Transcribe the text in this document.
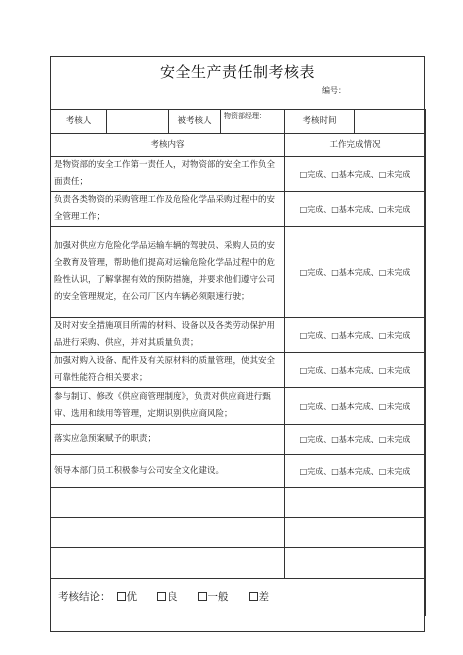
安全生产责任制考核表
编号：
考核人		被考核人	物资部经理：	考核时间	
考核内容				工作完成情况	
是物资部的安全工作第一责任人，对物资部的安全工作负全面责任；				□完成、□基本完成、□未完成	
负责各类物资的采购管理工作及危险化学品采购过程中的安全管理工作；				□完成、□基本完成、□未完成	
加强对供应方危险化学品运输车辆的驾驶员、采购人员的安全教育及管理，帮助他们提高对运输危险化学品过程中的危险性认识，了解掌握有效的预防措施，并要求他们遵守公司的安全管理规定，在公司厂区内车辆必须限速行驶；				□完成、□基本完成、□未完成	
及时对安全措施项目所需的材料、设备以及各类劳动保护用品进行采购、供应，并对其质量负责；				□完成、□基本完成、□未完成	
加强对购入设备、配件及有关原材料的质量管理，使其安全可靠性能符合相关要求；				□完成、□基本完成、□未完成	
参与制订、修改《供应商管理制度》，负责对供应商进行甄审、选用和续用等管理，定期识别供应商风险；				□完成、□基本完成、□未完成	
落实应急预案赋予的职责；				□完成、□基本完成、□未完成	
领导本部门员工积极参与公司安全文化建设。				□完成、□基本完成、□未完成	

考核结论： 优 良 一般 差					
